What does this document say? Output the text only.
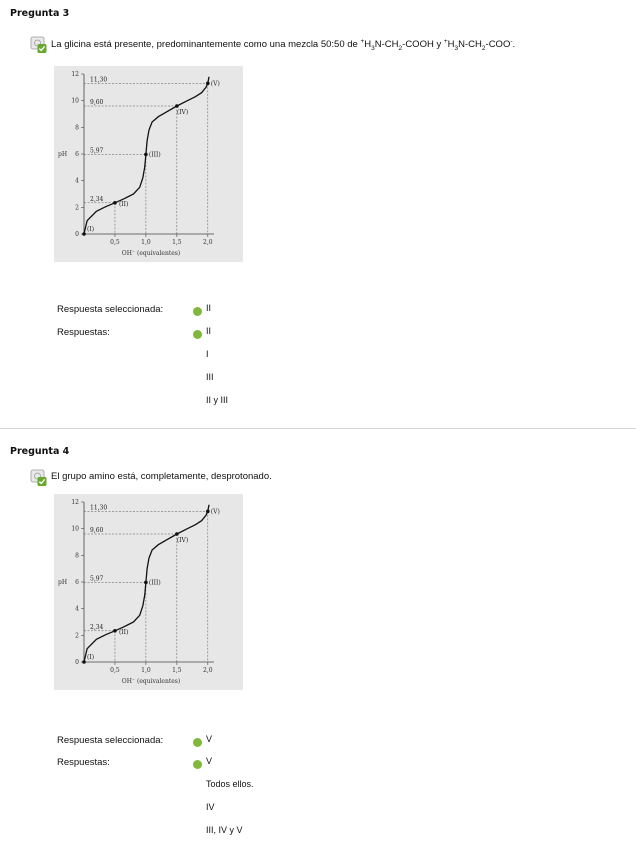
Pregunta 3
La glicina está presente, predominantemente como una mezcla 50:50 de $^+H_3N-CH_2$-COOH y $^+H_3N-CH_2-COO^-$.
0
2
4
6
8
10
12
0,5	1,0	1,5	2,0
pH
OH⁻ (equivalentes)
11,30
9,60
5,97
2,34
(I)
(II)
(III)
(IV)
(V)
Respuesta seleccionada:	II
Respuestas:	II
I
III
II y III
Pregunta 4
El grupo amino está, completamente, desprotonado.
0
2
4
6
8
10
12
0,5	1,0	1,5	2,0
pH
OH⁻ (equivalentes)
11,30
9,60
5,97
2,34
(I)
(II)
(III)
(IV)
(V)
Respuesta seleccionada:	V
Respuestas:	V
Todos ellos.
IV
III, IV y V
